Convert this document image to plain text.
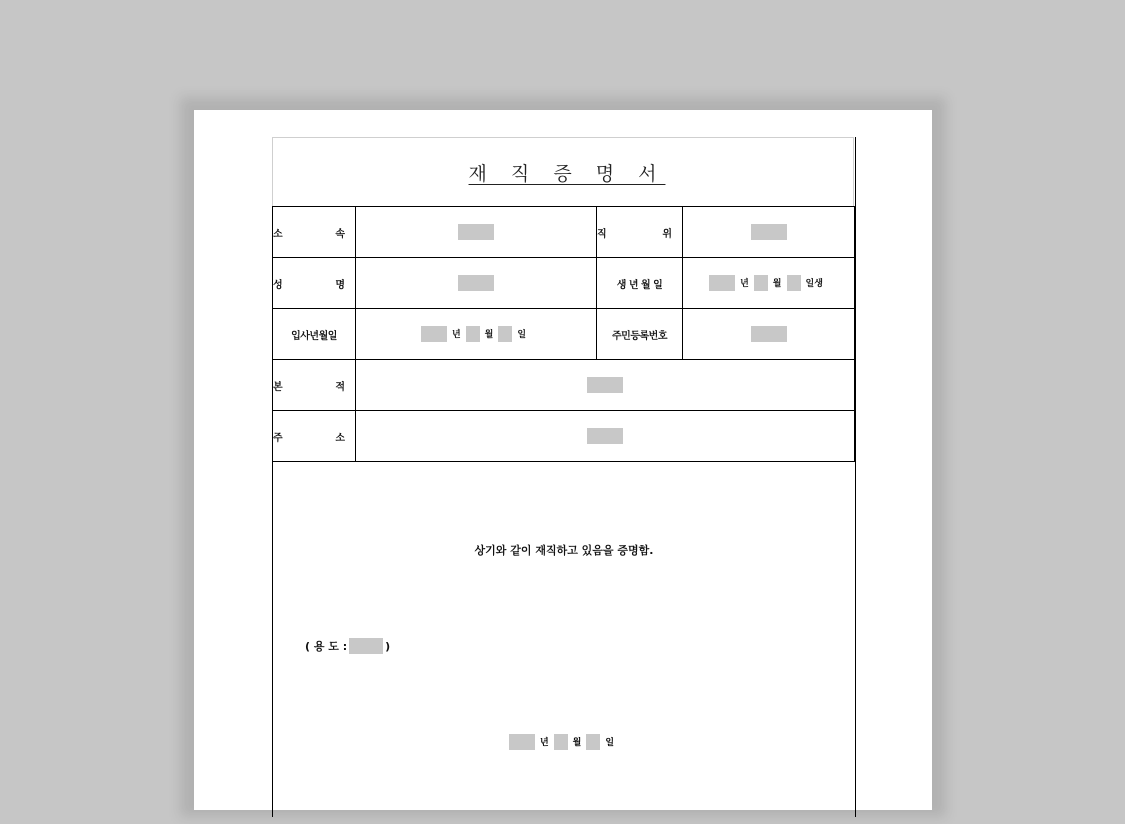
재 직 증 명 서
소 속		직 위	

성 명		생 년 월 일	년 월 일생
입사년월일	년 월 일	주민등록번호	

본 적			

주 소			

상기와 같이 재직하고 있음을 증명함.
( 용 도 :	)
년	월	일
